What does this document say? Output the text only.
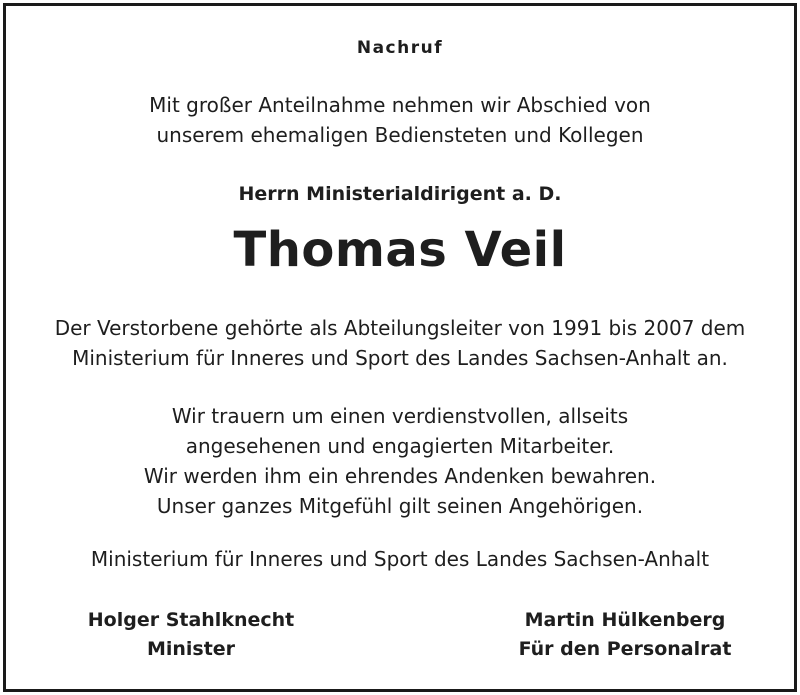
Nachruf
Mit großer Anteilnahme nehmen wir Abschied von
unserem ehemaligen Bediensteten und Kollegen
Herrn Ministerialdirigent a. D.
Thomas Veil
Der Verstorbene gehörte als Abteilungsleiter von 1991 bis 2007 dem
Ministerium für Inneres und Sport des Landes Sachsen-Anhalt an.
Wir trauern um einen verdienstvollen, allseits
angesehenen und engagierten Mitarbeiter.
Wir werden ihm ein ehrendes Andenken bewahren.
Unser ganzes Mitgefühl gilt seinen Angehörigen.
Ministerium für Inneres und Sport des Landes Sachsen-Anhalt
Holger Stahlknecht
Minister
Martin Hülkenberg
Für den Personalrat
